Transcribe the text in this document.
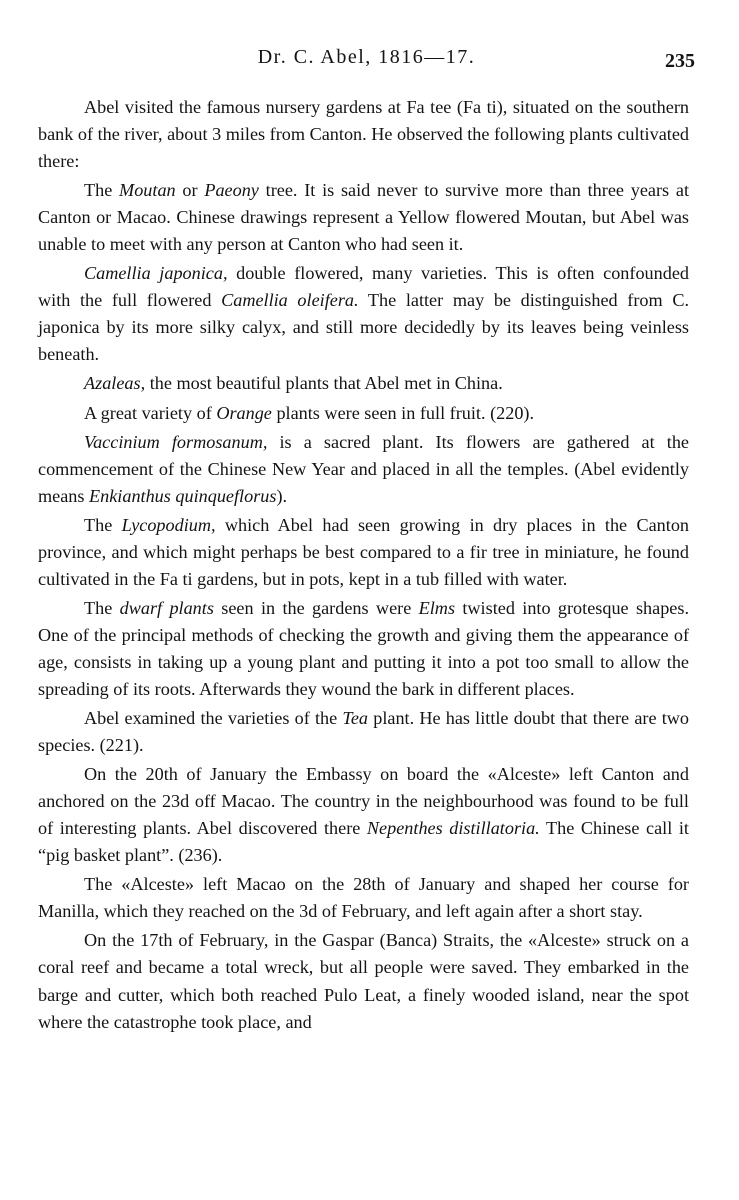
Dr. C. Abel, 1816—17.	235

Abel visited the famous nursery gardens at Fa tee (Fa ti), situated on the southern bank of the river, about 3 miles from Canton. He observed the following plants cultivated there:

The Moutan or Paeony tree. It is said never to survive more than three years at Canton or Macao. Chinese drawings represent a Yellow flowered Moutan, but Abel was unable to meet with any person at Canton who had seen it.

Camellia japonica, double flowered, many varieties. This is often confounded with the full flowered Camellia oleifera. The latter may be distinguished from C. japonica by its more silky calyx, and still more decidedly by its leaves being veinless beneath.

Azaleas, the most beautiful plants that Abel met in China.

A great variety of Orange plants were seen in full fruit. (220).

Vaccinium formosanum, is a sacred plant. Its flowers are gathered at the commencement of the Chinese New Year and placed in all the temples. (Abel evidently means Enkianthus quinqueflorus).

The Lycopodium, which Abel had seen growing in dry places in the Canton province, and which might perhaps be best compared to a fir tree in miniature, he found cultivated in the Fa ti gardens, but in pots, kept in a tub filled with water.

The dwarf plants seen in the gardens were Elms twisted into grotesque shapes. One of the principal methods of checking the growth and giving them the appearance of age, consists in taking up a young plant and putting it into a pot too small to allow the spreading of its roots. Afterwards they wound the bark in different places.

Abel examined the varieties of the Tea plant. He has little doubt that there are two species. (221).

On the 20th of January the Embassy on board the «Alceste» left Canton and anchored on the 23d off Macao. The country in the neighbourhood was found to be full of interesting plants. Abel discovered there Nepenthes distillatoria. The Chinese call it “pig basket plant”. (236).

The «Alceste» left Macao on the 28th of January and shaped her course for Manilla, which they reached on the 3d of February, and left again after a short stay.

On the 17th of February, in the Gaspar (Banca) Straits, the «Alceste» struck on a coral reef and became a total wreck, but all people were saved. They embarked in the barge and cutter, which both reached Pulo Leat, a finely wooded island, near the spot where the catastrophe took place, and
